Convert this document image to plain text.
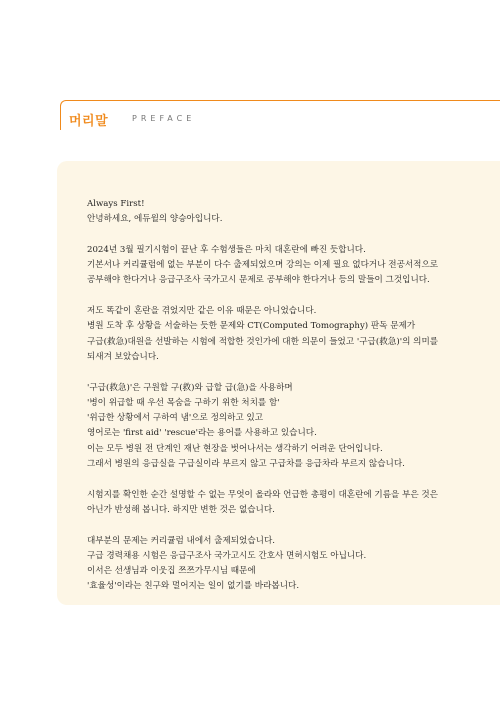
머리말	PREFACE

Always First!
안녕하세요, 에듀윌의 양승아입니다.

2024년 3월 필기시험이 끝난 후 수험생들은 마치 대혼란에 빠진 듯합니다.
기본서나 커리큘럼에 없는 부분이 다수 출제되었으며 강의는 이제 필요 없다거나 전공서적으로
공부해야 한다거나 응급구조사 국가고시 문제로 공부해야 한다거나 등의 말들이 그것입니다.

저도 똑같이 혼란을 겪었지만 같은 이유 때문은 아니었습니다.
병원 도착 후 상황을 서술하는 듯한 문제와 CT(Computed Tomography) 판독 문제가
구급(救急)대원을 선발하는 시험에 적합한 것인가에 대한 의문이 들었고 '구급(救急)'의 의미를
되새겨 보았습니다.

'구급(救急)'은 구원할 구(救)와 급할 급(急)을 사용하며
'병이 위급할 때 우선 목숨을 구하기 위한 처치를 함'
'위급한 상황에서 구하여 냄'으로 정의하고 있고
영어로는 'first aid' 'rescue'라는 용어를 사용하고 있습니다.
이는 모두 병원 전 단계인 재난 현장을 벗어나서는 생각하기 어려운 단어입니다.
그래서 병원의 응급실을 구급실이라 부르지 않고 구급차를 응급차라 부르지 않습니다.

시험지를 확인한 순간 설명할 수 없는 무엇이 올라와 언급한 총평이 대혼란에 기름을 부은 것은
아닌가 반성해 봅니다. 하지만 변한 것은 없습니다.

대부분의 문제는 커리큘럼 내에서 출제되었습니다.
구급 경력채용 시험은 응급구조사 국가고시도 간호사 면허시험도 아닙니다.
이서은 선생님과 이웃집 쯔쯔가무시님 때문에
'효율성'이라는 친구와 멀어지는 일이 없기를 바라봅니다.
